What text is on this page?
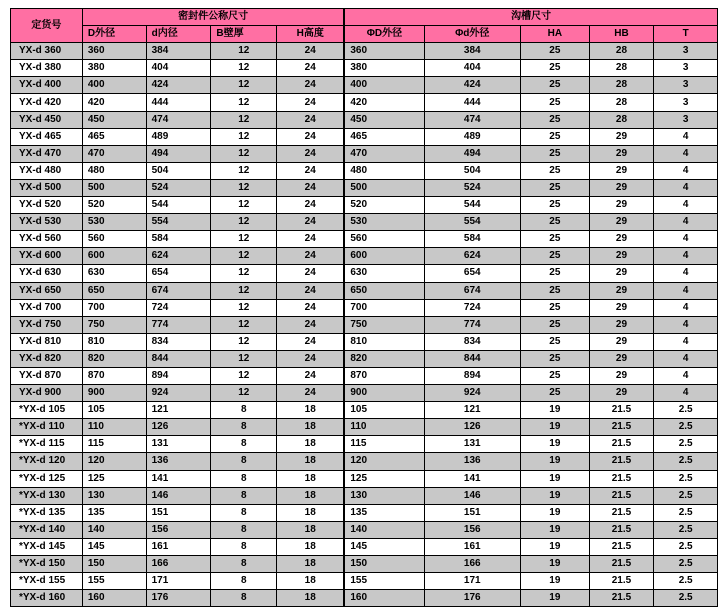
定货号	密封件公称尺寸				沟槽尺寸				
	D外径	d内径	B壁厚	H高度	ΦD外径	Φd外径	HA	HB	T
YX-d 360	360	384	12	24	360	384	25	28	3
YX-d 380	380	404	12	24	380	404	25	28	3
YX-d 400	400	424	12	24	400	424	25	28	3
YX-d 420	420	444	12	24	420	444	25	28	3
YX-d 450	450	474	12	24	450	474	25	28	3
YX-d 465	465	489	12	24	465	489	25	29	4
YX-d 470	470	494	12	24	470	494	25	29	4
YX-d 480	480	504	12	24	480	504	25	29	4
YX-d 500	500	524	12	24	500	524	25	29	4
YX-d 520	520	544	12	24	520	544	25	29	4
YX-d 530	530	554	12	24	530	554	25	29	4
YX-d 560	560	584	12	24	560	584	25	29	4
YX-d 600	600	624	12	24	600	624	25	29	4
YX-d 630	630	654	12	24	630	654	25	29	4
YX-d 650	650	674	12	24	650	674	25	29	4
YX-d 700	700	724	12	24	700	724	25	29	4
YX-d 750	750	774	12	24	750	774	25	29	4
YX-d 810	810	834	12	24	810	834	25	29	4
YX-d 820	820	844	12	24	820	844	25	29	4
YX-d 870	870	894	12	24	870	894	25	29	4
YX-d 900	900	924	12	24	900	924	25	29	4
*YX-d 105	105	121	8	18	105	121	19	21.5	2.5
*YX-d 110	110	126	8	18	110	126	19	21.5	2.5
*YX-d 115	115	131	8	18	115	131	19	21.5	2.5
*YX-d 120	120	136	8	18	120	136	19	21.5	2.5
*YX-d 125	125	141	8	18	125	141	19	21.5	2.5
*YX-d 130	130	146	8	18	130	146	19	21.5	2.5
*YX-d 135	135	151	8	18	135	151	19	21.5	2.5
*YX-d 140	140	156	8	18	140	156	19	21.5	2.5
*YX-d 145	145	161	8	18	145	161	19	21.5	2.5
*YX-d 150	150	166	8	18	150	166	19	21.5	2.5
*YX-d 155	155	171	8	18	155	171	19	21.5	2.5
*YX-d 160	160	176	8	18	160	176	19	21.5	2.5
